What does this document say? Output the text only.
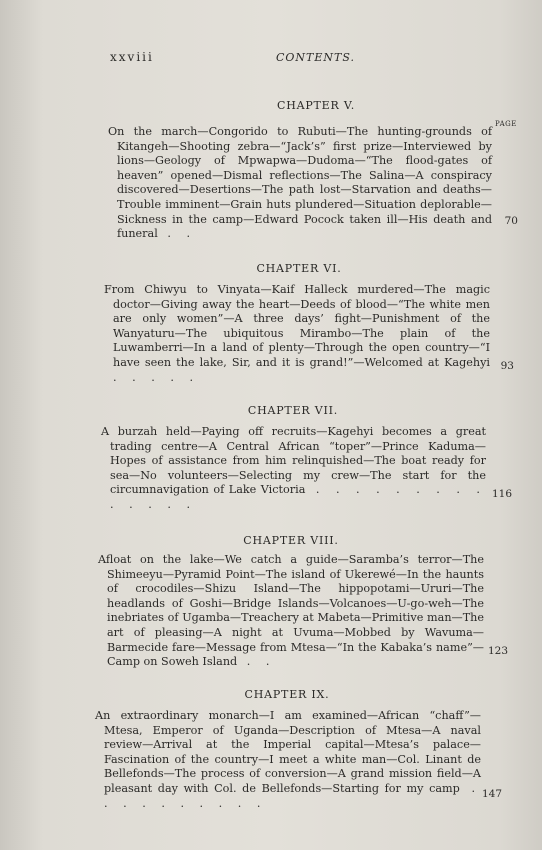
xxviii	CONTENTS.
PAGE
CHAPTER V.
On the march—Congorido to Rubuti—The hunting-grounds of Kitangeh—Shooting zebra—“Jack’s” first prize—Interviewed by lions—Geology of Mpwapwa—Dudoma—“The flood-gates of heaven” opened—Dismal reflections—The Salina—A conspiracy discovered—Desertions—The path lost—Starvation and deaths—Trouble imminent—Grain huts plundered—Situation deplorable—Sickness in the camp—Edward Pocock taken ill—His death and funeral . .
70
CHAPTER VI.
From Chiwyu to Vinyata—Kaif Halleck murdered—The magic doctor—Giving away the heart—Deeds of blood—“The white men are only women”—A three days’ fight—Punishment of the Wanyaturu—The ubiquitous Mirambo—The plain of the Luwamberri—In a land of plenty—Through the open country—“I have seen the lake, Sir, and it is grand!”—Welcomed at Kagehyi . . . . .
93
CHAPTER VII.
A burzah held—Paying off recruits—Kagehyi becomes a great trading centre—A Central African “toper”—Prince Kaduma—Hopes of assistance from him relinquished—The boat ready for sea—No volunteers—Selecting my crew—The start for the circumnavigation of Lake Victoria . . . . . . . . . . . . . .
116
CHAPTER VIII.
Afloat on the lake—We catch a guide—Saramba’s terror—The Shimeeyu—Pyramid Point—The island of Ukerewé—In the haunts of crocodiles—Shizu Island—The hippopotami—Ururi—The headlands of Goshi—Bridge Islands—Volcanoes—U-go-weh—The inebriates of Ugamba—Treachery at Mabeta—Primitive man—The art of pleasing—A night at Uvuma—Mobbed by Wavuma—Barmecide fare—Message from Mtesa—“In the Kabaka’s name”—Camp on Soweh Island . .
123
CHAPTER IX.
An extraordinary monarch—I am examined—African “chaff”—Mtesa, Emperor of Uganda—Description of Mtesa—A naval review—Arrival at the Imperial capital—Mtesa’s palace—Fascination of the country—I meet a white man—Col. Linant de Bellefonds—The process of conversion—A grand mission field—A pleasant day with Col. de Bellefonds—Starting for my camp . . . . . . . . . .
147
